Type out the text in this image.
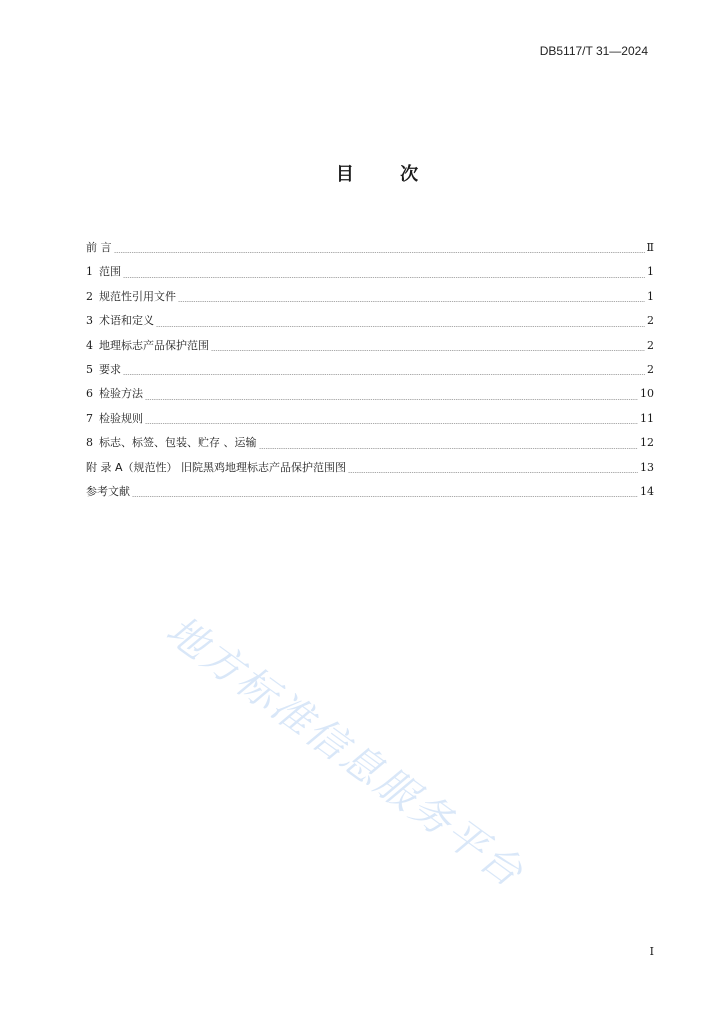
DB5117/T 31—2024
目 次
前 言	Ⅱ
1 范围	1
2 规范性引用文件	1
3 术语和定义	2
4 地理标志产品保护范围	2
5 要求	2
6 检验方法	10
7 检验规则	11
8 标志、标签、包装、贮存 、运输	12
附 录 A（规范性） 旧院黑鸡地理标志产品保护范围图	13
参考文献	14
地方标准信息服务平台
I
